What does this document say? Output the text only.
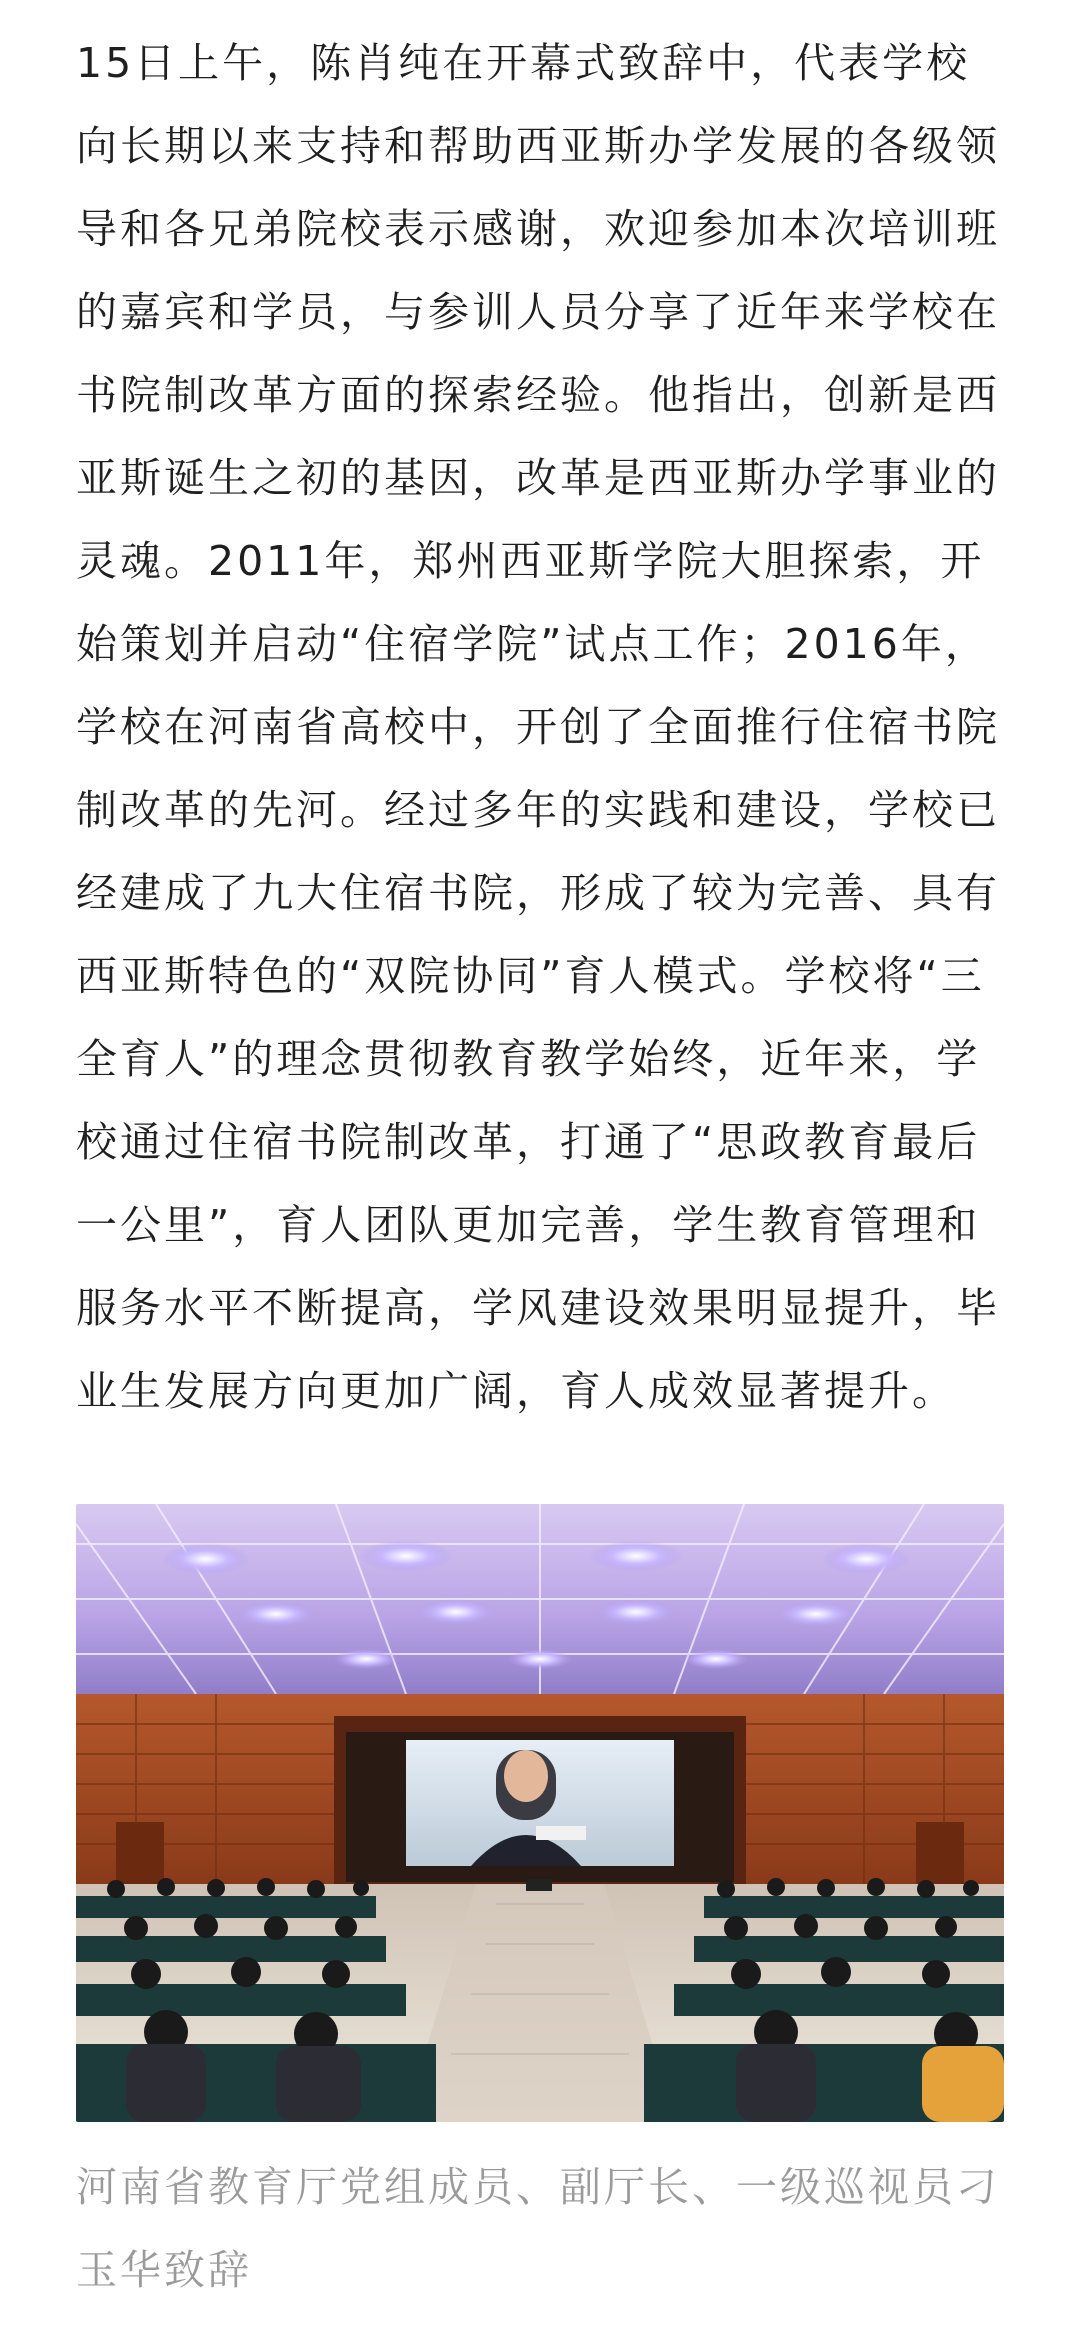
15日上午，陈肖纯在开幕式致辞中，代表学校向长期以来支持和帮助西亚斯办学发展的各级领导和各兄弟院校表示感谢，欢迎参加本次培训班的嘉宾和学员，与参训人员分享了近年来学校在书院制改革方面的探索经验。他指出，创新是西亚斯诞生之初的基因，改革是西亚斯办学事业的灵魂。2011年，郑州西亚斯学院大胆探索，开始策划并启动“住宿学院”试点工作；2016年，学校在河南省高校中，开创了全面推行住宿书院制改革的先河。经过多年的实践和建设，学校已经建成了九大住宿书院，形成了较为完善、具有西亚斯特色的“双院协同”育人模式。学校将“三全育人”的理念贯彻教育教学始终，近年来，学校通过住宿书院制改革，打通了“思政教育最后一公里”，育人团队更加完善，学生教育管理和服务水平不断提高，学风建设效果明显提升，毕业生发展方向更加广阔，育人成效显著提升。

河南省教育厅党组成员、副厅长、一级巡视员刁玉华致辞
